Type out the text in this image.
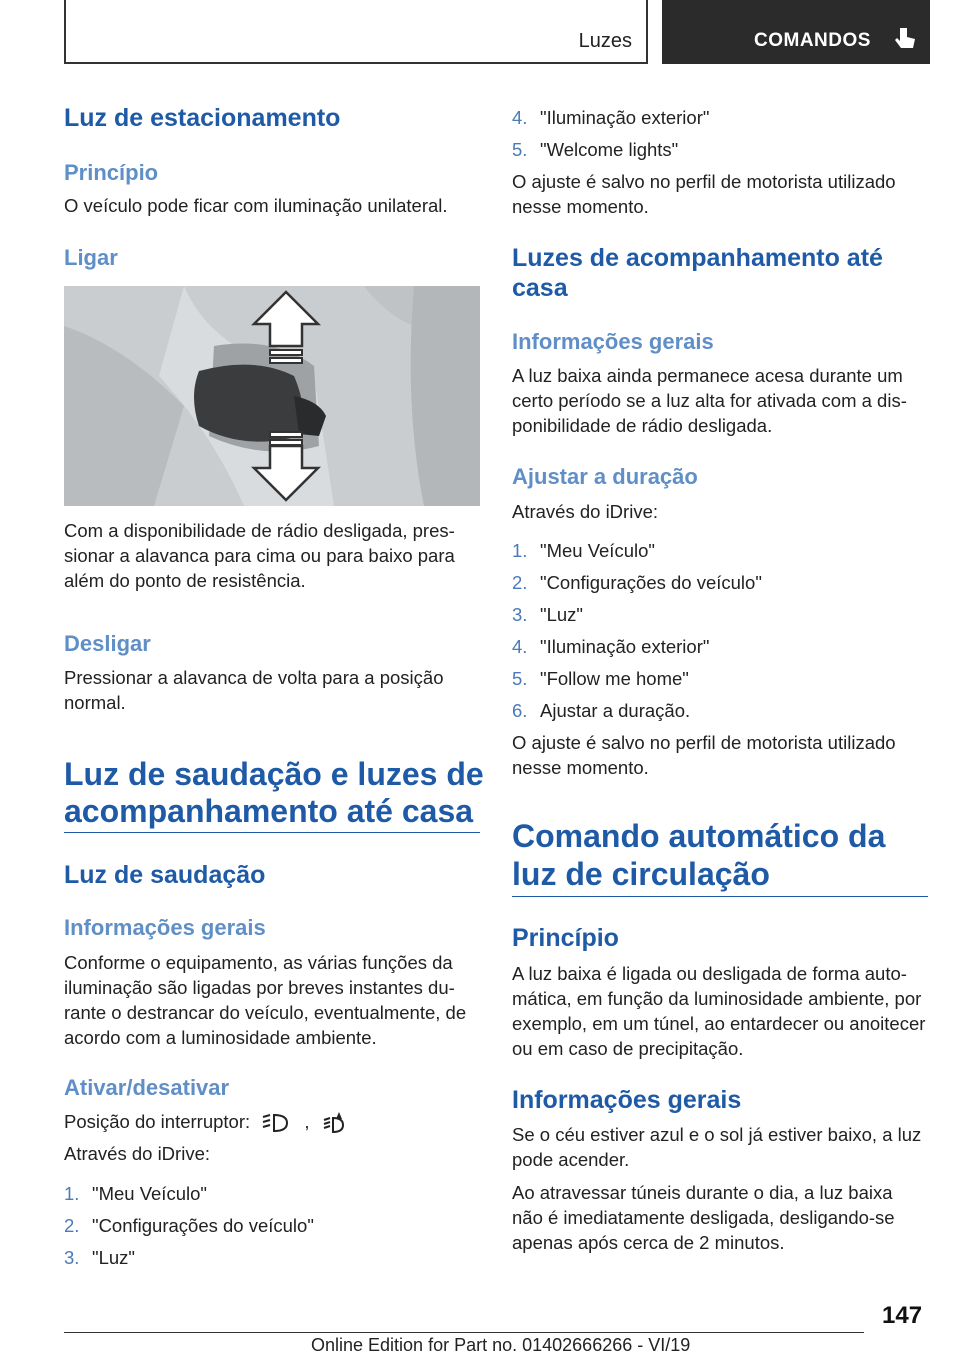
Luzes	COMANDOS
Luz de estacionamento
Princípio
O veículo pode ficar com iluminação unilateral.
Ligar
Com a disponibilidade de rádio desligada, pressionar a alavanca para cima ou para baixo para além do ponto de resistência.
Desligar
Pressionar a alavanca de volta para a posição normal.
Luz de saudação e luzes de
acompanhamento até casa
Luz de saudação
Informações gerais
Conforme o equipamento, as várias funções da iluminação são ligadas por breves instantes durante o destrancar do veículo, eventualmente, de acordo com a luminosidade ambiente.
Ativar/desativar
Posição do interruptor:	,
Através do iDrive:
1. "Meu Veículo"
2. "Configurações do veículo"
3. "Luz"
4. "Iluminação exterior"
5. "Welcome lights"
O ajuste é salvo no perfil de motorista utilizado nesse momento.
Luzes de acompanhamento até
casa
Informações gerais
A luz baixa ainda permanece acesa durante um certo período se a luz alta for ativada com a disponibilidade de rádio desligada.
Ajustar a duração
Através do iDrive:
1. "Meu Veículo"
2. "Configurações do veículo"
3. "Luz"
4. "Iluminação exterior"
5. "Follow me home"
6. Ajustar a duração.
O ajuste é salvo no perfil de motorista utilizado nesse momento.
Comando automático da
luz de circulação
Princípio
A luz baixa é ligada ou desligada de forma automática, em função da luminosidade ambiente, por exemplo, em um túnel, ao entardecer ou anoitecer ou em caso de precipitação.
Informações gerais
Se o céu estiver azul e o sol já estiver baixo, a luz pode acender.
Ao atravessar túneis durante o dia, a luz baixa não é imediatamente desligada, desligando-se apenas após cerca de 2 minutos.
147
Online Edition for Part no. 01402666266 - VI/19
